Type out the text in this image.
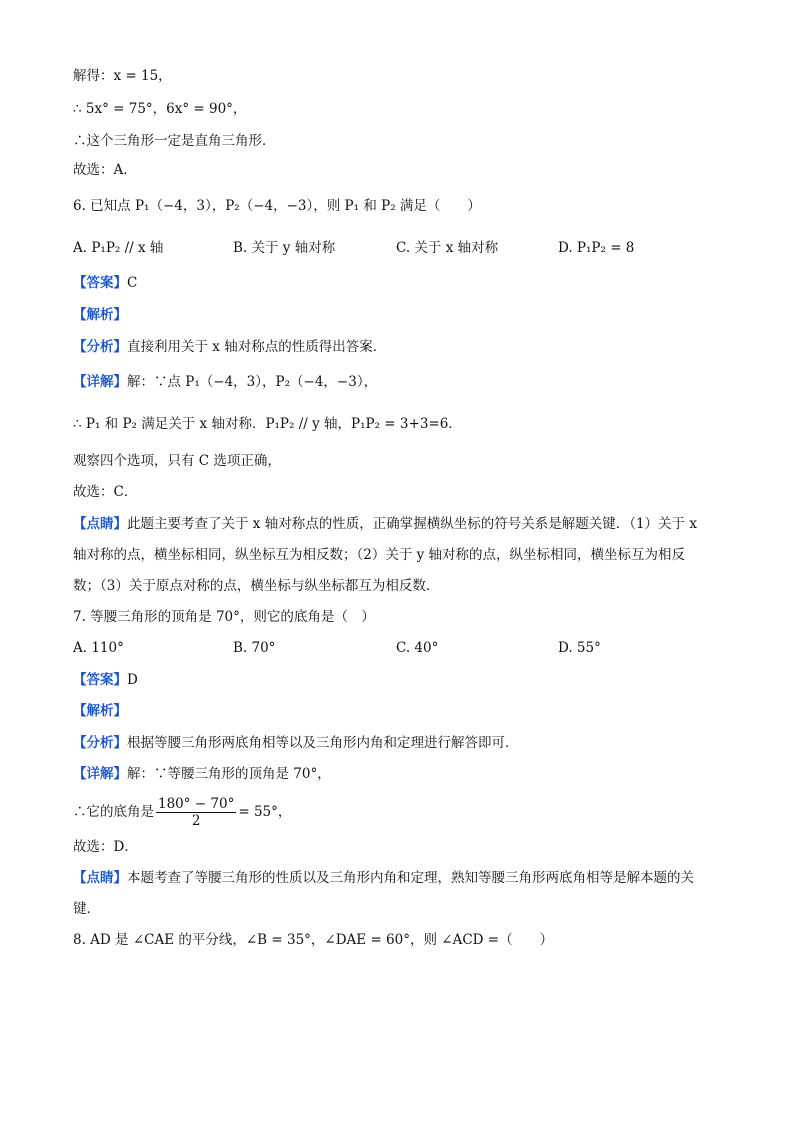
解得：x = 15，
∴ 5x° = 75°，6x° = 90°，
∴这个三角形一定是直角三角形．
故选：A．
6. 已知点 P₁（−4，3），P₂（−4，−3），则 P₁ 和 P₂ 满足（　　）
A. P₁P₂ // x 轴	B. 关于 y 轴对称	C. 关于 x 轴对称	D. P₁P₂ = 8
【答案】C
【解析】
【分析】直接利用关于 x 轴对称点的性质得出答案．
【详解】解：∵点 P₁（−4，3），P₂（−4，−3），
∴ P₁ 和 P₂ 满足关于 x 轴对称．P₁P₂ // y 轴，P₁P₂ = 3+3=6．
观察四个选项，只有 C 选项正确，
故选：C．
【点睛】此题主要考查了关于 x 轴对称点的性质，正确掌握横纵坐标的符号关系是解题关键．（1）关于 x
轴对称的点，横坐标相同，纵坐标互为相反数；（2）关于 y 轴对称的点，纵坐标相同，横坐标互为相反
数；（3）关于原点对称的点，横坐标与纵坐标都互为相反数．
7. 等腰三角形的顶角是 70°，则它的底角是（　）
A. 110°	B. 70°	C. 40°	D. 55°
【答案】D
【解析】
【分析】根据等腰三角形两底角相等以及三角形内角和定理进行解答即可．
【详解】解：∵等腰三角形的顶角是 70°，
∴它的底角是 $\frac{180^\circ - 70^\circ}{2} = 55^\circ$，
故选：D．
【点睛】本题考查了等腰三角形的性质以及三角形内角和定理，熟知等腰三角形两底角相等是解本题的关
键．
8. AD 是 ∠CAE 的平分线，∠B = 35°，∠DAE = 60°，则 ∠ACD =（　　）
